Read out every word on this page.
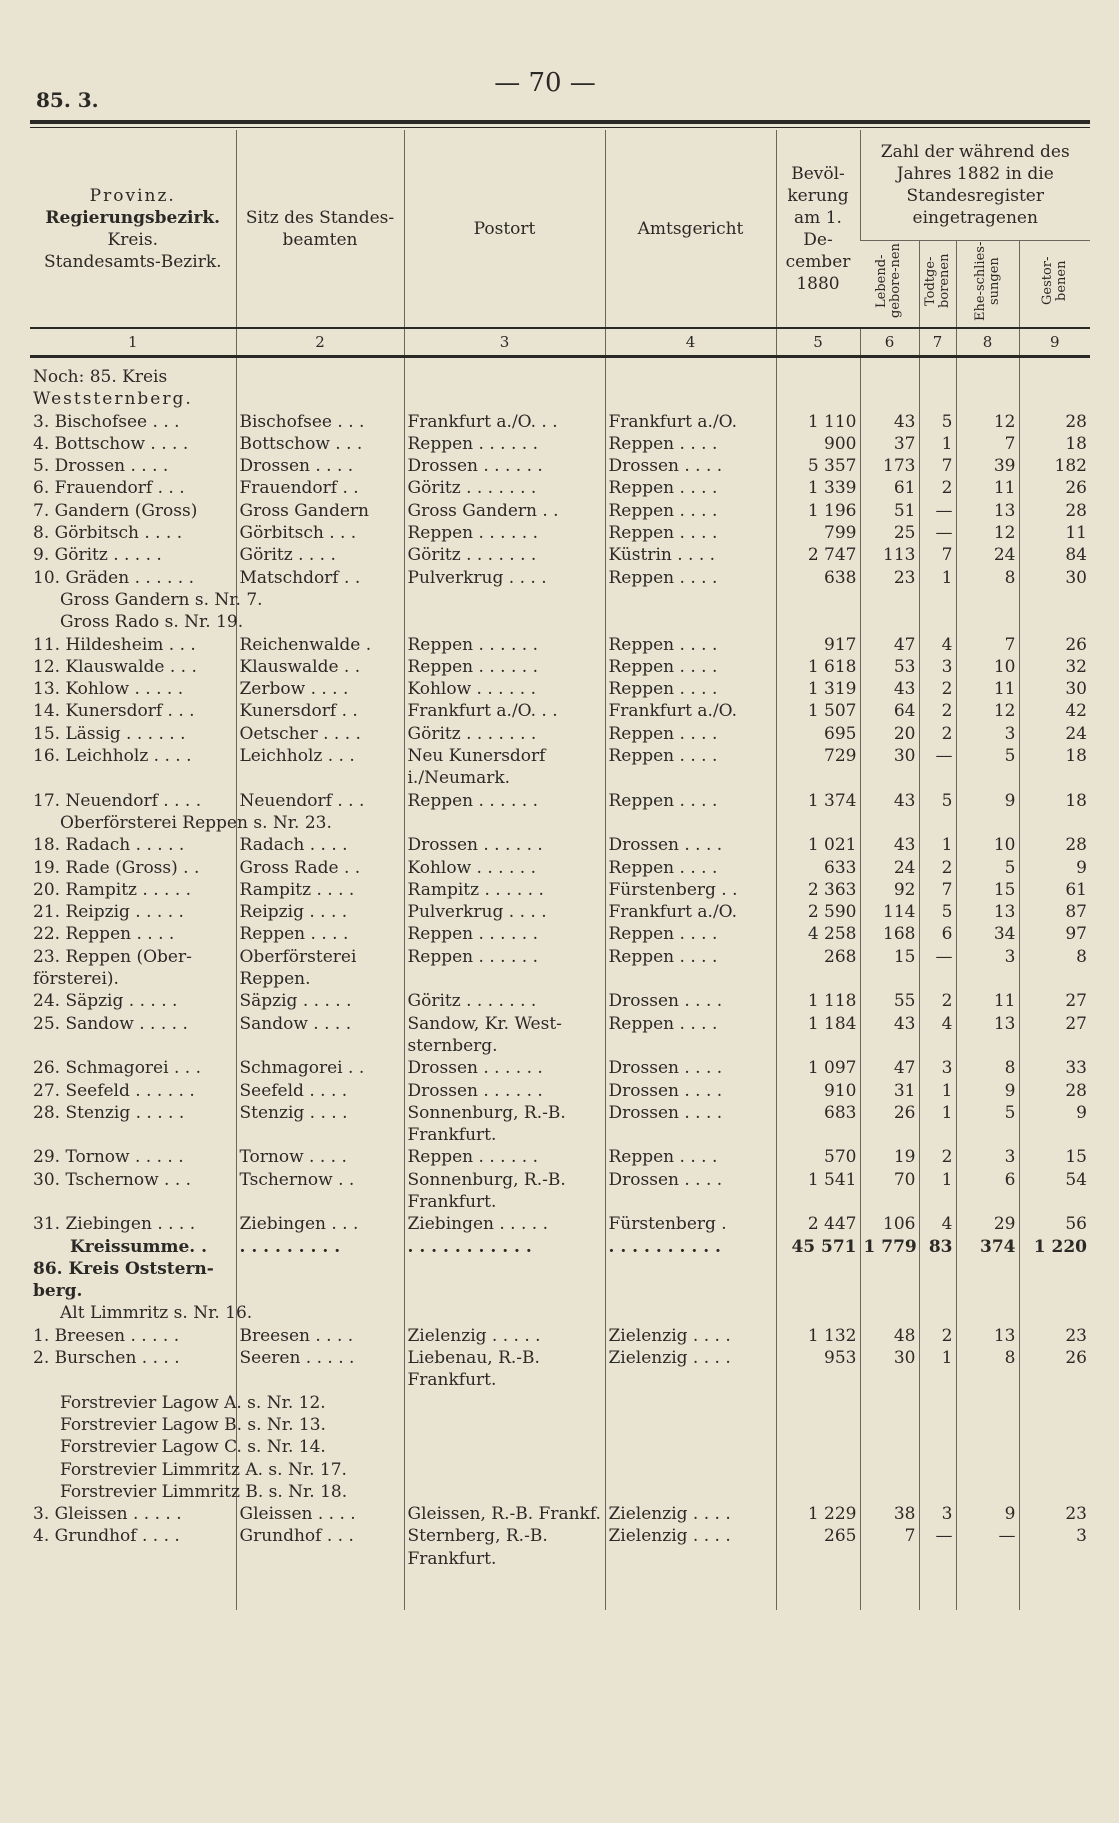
— 70 —
85. 3.
Provinz.
Regierungsbezirk.
Kreis.
Standesamts-Bezirk.	Sitz des Standes-beamten	Postort	Amtsgericht	Bevöl-kerung am 1. De-cember 1880	Zahl der während des Jahres 1882 in die Standesregister eingetragenen			
					Lebend-gebore-nen	Todtge-borenen	Ehe-schlies-sungen	Gestor-benen
1	2	3	4	5	6	7	8	9

Noch: 85. Kreis								
Weststernberg.								
3. Bischofsee . . .	Bischofsee . . .	Frankfurt a./O. . .	Frankfurt a./O.	1 110	43	5	12	28
4. Bottschow . . . .	Bottschow . . .	Reppen . . . . . .	Reppen . . . .	900	37	1	7	18
5. Drossen . . . .	Drossen . . . .	Drossen . . . . . .	Drossen . . . .	5 357	173	7	39	182
6. Frauendorf . . .	Frauendorf . .	Göritz . . . . . . .	Reppen . . . .	1 339	61	2	11	26
7. Gandern (Gross)	Gross Gandern	Gross Gandern . .	Reppen . . . .	1 196	51	—	13	28
8. Görbitsch . . . .	Görbitsch . . .	Reppen . . . . . .	Reppen . . . .	799	25	—	12	11
9. Göritz . . . . .	Göritz . . . .	Göritz . . . . . . .	Küstrin . . . .	2 747	113	7	24	84
10. Gräden . . . . . .	Matschdorf . .	Pulverkrug . . . .	Reppen . . . .	638	23	1	8	30
Gross Gandern s. Nr. 7.								
Gross Rado s. Nr. 19.								
11. Hildesheim . . .	Reichenwalde .	Reppen . . . . . .	Reppen . . . .	917	47	4	7	26
12. Klauswalde . . .	Klauswalde . .	Reppen . . . . . .	Reppen . . . .	1 618	53	3	10	32
13. Kohlow . . . . .	Zerbow . . . .	Kohlow . . . . . .	Reppen . . . .	1 319	43	2	11	30
14. Kunersdorf . . .	Kunersdorf . .	Frankfurt a./O. . .	Frankfurt a./O.	1 507	64	2	12	42
15. Lässig . . . . . .	Oetscher . . . .	Göritz . . . . . . .	Reppen . . . .	695	20	2	3	24
16. Leichholz . . . .	Leichholz . . .	Neu Kunersdorf i./Neumark.	Reppen . . . .	729	30	—	5	18
17. Neuendorf . . . .	Neuendorf . . .	Reppen . . . . . .	Reppen . . . .	1 374	43	5	9	18
Oberförsterei Reppen s. Nr. 23.								
18. Radach . . . . .	Radach . . . .	Drossen . . . . . .	Drossen . . . .	1 021	43	1	10	28
19. Rade (Gross) . .	Gross Rade . .	Kohlow . . . . . .	Reppen . . . .	633	24	2	5	9
20. Rampitz . . . . .	Rampitz . . . .	Rampitz . . . . . .	Fürstenberg . .	2 363	92	7	15	61
21. Reipzig . . . . .	Reipzig . . . .	Pulverkrug . . . .	Frankfurt a./O.	2 590	114	5	13	87
22. Reppen . . . .	Reppen . . . .	Reppen . . . . . .	Reppen . . . .	4 258	168	6	34	97
23. Reppen (Ober-försterei).	Oberförsterei Reppen.	Reppen . . . . . .	Reppen . . . .	268	15	—	3	8
24. Säpzig . . . . .	Säpzig . . . . .	Göritz . . . . . . .	Drossen . . . .	1 118	55	2	11	27
25. Sandow . . . . .	Sandow . . . .	Sandow, Kr. West-sternberg.	Reppen . . . .	1 184	43	4	13	27
26. Schmagorei . . .	Schmagorei . .	Drossen . . . . . .	Drossen . . . .	1 097	47	3	8	33
27. Seefeld . . . . . .	Seefeld . . . .	Drossen . . . . . .	Drossen . . . .	910	31	1	9	28
28. Stenzig . . . . .	Stenzig . . . .	Sonnenburg, R.-B. Frankfurt.	Drossen . . . .	683	26	1	5	9
29. Tornow . . . . .	Tornow . . . .	Reppen . . . . . .	Reppen . . . .	570	19	2	3	15
30. Tschernow . . .	Tschernow . .	Sonnenburg, R.-B. Frankfurt.	Drossen . . . .	1 541	70	1	6	54
31. Ziebingen . . . .	Ziebingen . . .	Ziebingen . . . . .	Fürstenberg .	2 447	106	4	29	56
Kreissumme. .	. . . . . . . . .	. . . . . . . . . . .	. . . . . . . . . .	45 571	1 779	83	374	1 220
86. Kreis Oststern-berg.								
Alt Limmritz s. Nr. 16.								
1. Breesen . . . . .	Breesen . . . .	Zielenzig . . . . .	Zielenzig . . . .	1 132	48	2	13	23
2. Burschen . . . .	Seeren . . . . .	Liebenau, R.-B. Frankfurt.	Zielenzig . . . .	953	30	1	8	26
Forstrevier Lagow A. s. Nr. 12.								
Forstrevier Lagow B. s. Nr. 13.								
Forstrevier Lagow C. s. Nr. 14.								
Forstrevier Limmritz A. s. Nr. 17.								
Forstrevier Limmritz B. s. Nr. 18.								
3. Gleissen . . . . .	Gleissen . . . .	Gleissen, R.-B. Frankf.	Zielenzig . . . .	1 229	38	3	9	23
4. Grundhof . . . .	Grundhof . . .	Sternberg, R.-B. Frankfurt.	Zielenzig . . . .	265	7	—	—	3
